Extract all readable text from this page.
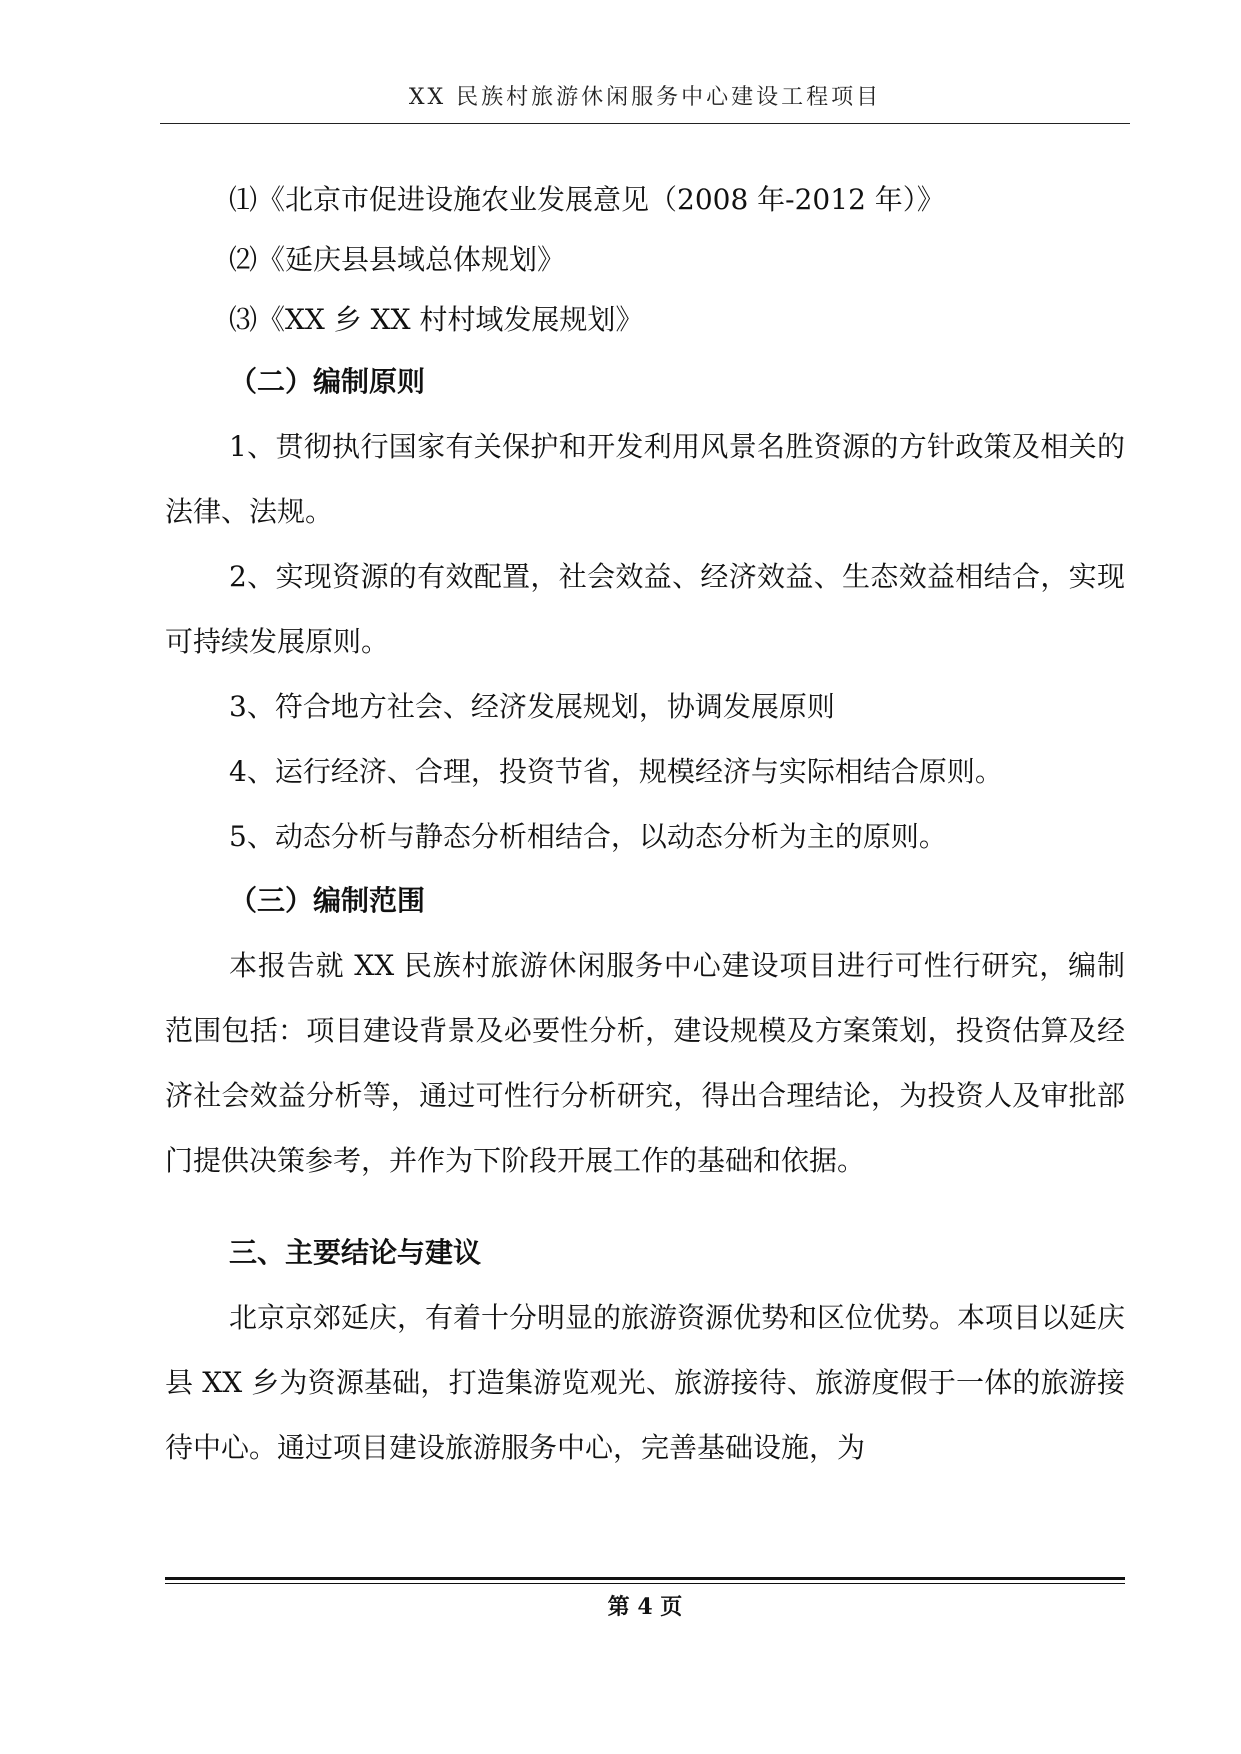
XX 民族村旅游休闲服务中心建设工程项目
⑴《北京市促进设施农业发展意见（2008 年-2012 年）》
⑵《延庆县县域总体规划》
⑶《XX 乡 XX 村村域发展规划》
（二）编制原则

1、贯彻执行国家有关保护和开发利用风景名胜资源的方针政策及相关的法律、法规。

2、实现资源的有效配置，社会效益、经济效益、生态效益相结合，实现可持续发展原则。

3、符合地方社会、经济发展规划，协调发展原则

4、运行经济、合理，投资节省，规模经济与实际相结合原则。

5、动态分析与静态分析相结合，以动态分析为主的原则。

（三）编制范围

本报告就 XX 民族村旅游休闲服务中心建设项目进行可性行研究，编制范围包括：项目建设背景及必要性分析，建设规模及方案策划，投资估算及经济社会效益分析等，通过可性行分析研究，得出合理结论，为投资人及审批部门提供决策参考，并作为下阶段开展工作的基础和依据。

三、主要结论与建议

北京京郊延庆，有着十分明显的旅游资源优势和区位优势。本项目以延庆县 XX 乡为资源基础，打造集游览观光、旅游接待、旅游度假于一体的旅游接待中心。通过项目建设旅游服务中心，完善基础设施，为

第 4 页
